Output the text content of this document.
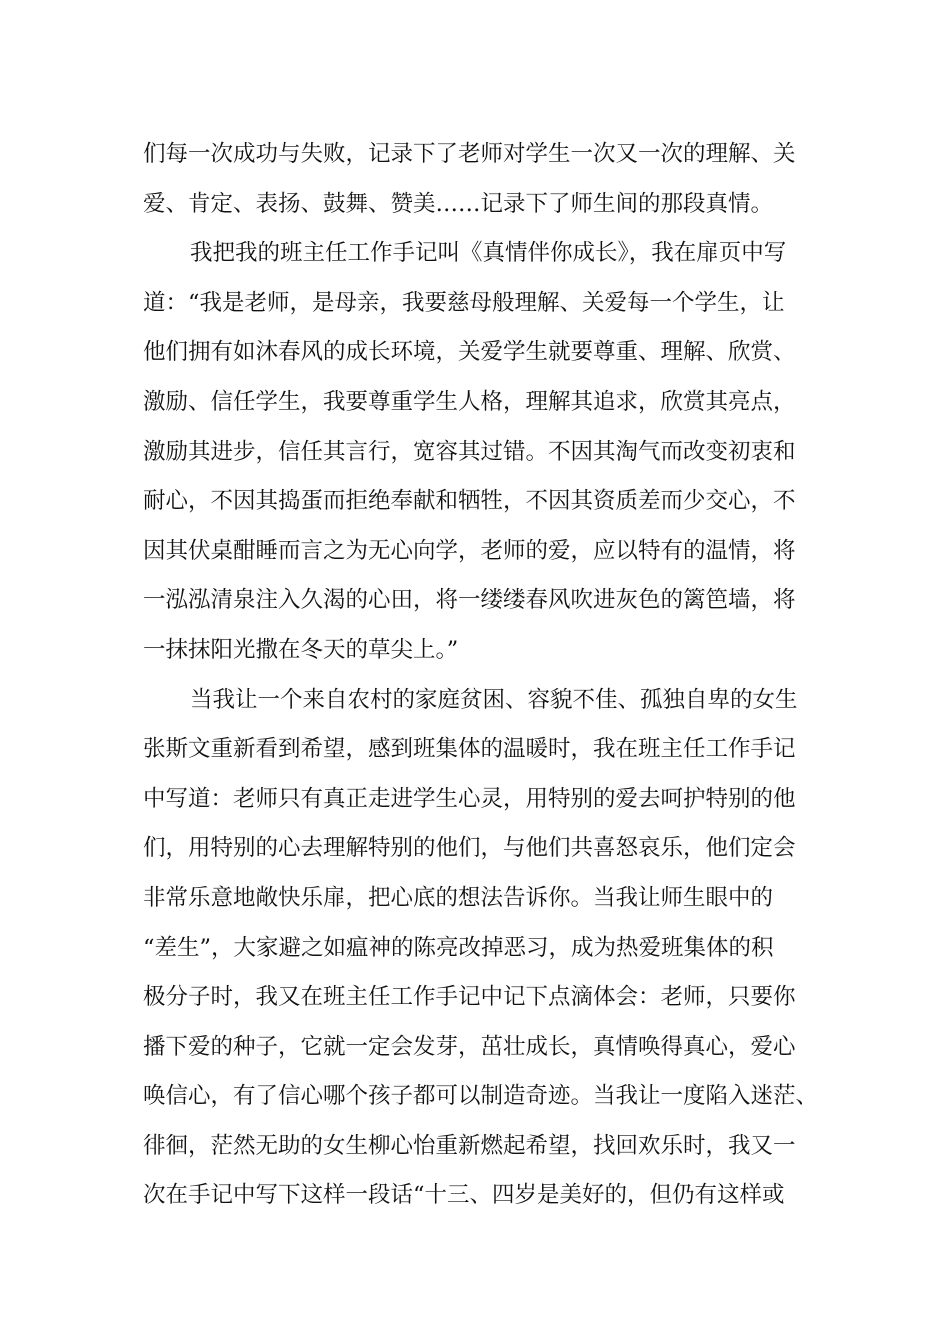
们每一次成功与失败，记录下了老师对学生一次又一次的理解、关
爱、肯定、表扬、鼓舞、赞美……记录下了师生间的那段真情。
我把我的班主任工作手记叫《真情伴你成长》，我在扉页中写
道：“我是老师，是母亲，我要慈母般理解、关爱每一个学生，让
他们拥有如沐春风的成长环境，关爱学生就要尊重、理解、欣赏、
激励、信任学生，我要尊重学生人格，理解其追求，欣赏其亮点，
激励其进步，信任其言行，宽容其过错。不因其淘气而改变初衷和
耐心，不因其捣蛋而拒绝奉献和牺牲，不因其资质差而少交心，不
因其伏桌酣睡而言之为无心向学，老师的爱，应以特有的温情，将
一泓泓清泉注入久渴的心田，将一缕缕春风吹进灰色的篱笆墙，将
一抹抹阳光撒在冬天的草尖上。”
当我让一个来自农村的家庭贫困、容貌不佳、孤独自卑的女生
张斯文重新看到希望，感到班集体的温暖时，我在班主任工作手记
中写道：老师只有真正走进学生心灵，用特别的爱去呵护特别的他
们，用特别的心去理解特别的他们，与他们共喜怒哀乐，他们定会
非常乐意地敞快乐扉，把心底的想法告诉你。当我让师生眼中的
“差生”，大家避之如瘟神的陈亮改掉恶习，成为热爱班集体的积
极分子时，我又在班主任工作手记中记下点滴体会：老师，只要你
播下爱的种子，它就一定会发芽，茁壮成长，真情唤得真心，爱心
唤信心，有了信心哪个孩子都可以制造奇迹。当我让一度陷入迷茫、
徘徊，茫然无助的女生柳心怡重新燃起希望，找回欢乐时，我又一
次在手记中写下这样一段话“十三、四岁是美好的，但仍有这样或
